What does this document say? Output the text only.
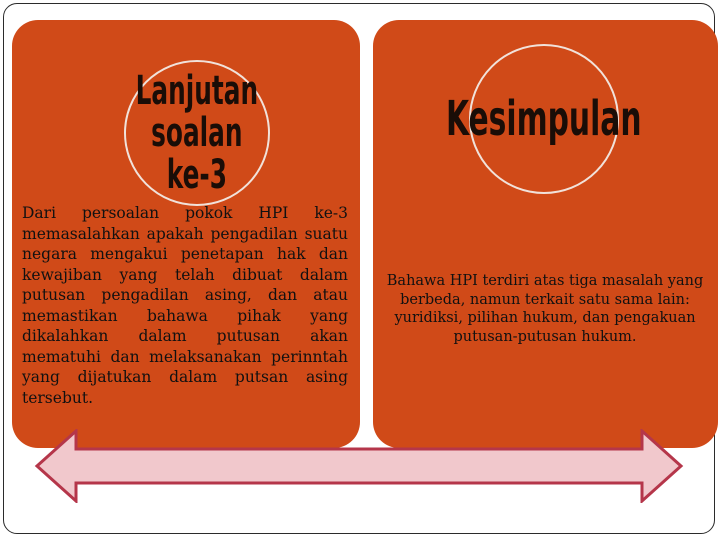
Lanjutan
soalan ke-3
Kesimpulan
Dari persoalan pokok HPI ke-3 memasalahkan apakah pengadilan suatu negara mengakui penetapan hak dan kewajiban yang telah dibuat dalam putusan pengadilan asing, dan atau memastikan bahawa pihak yang dikalahkan dalam putusan akan mematuhi dan melaksanakan perinntah yang dijatukan dalam putsan asing tersebut.
Bahawa HPI terdiri atas tiga masalah yang berbeda, namun terkait satu sama lain: yuridiksi, pilihan hukum, dan pengakuan putusan-putusan hukum.
